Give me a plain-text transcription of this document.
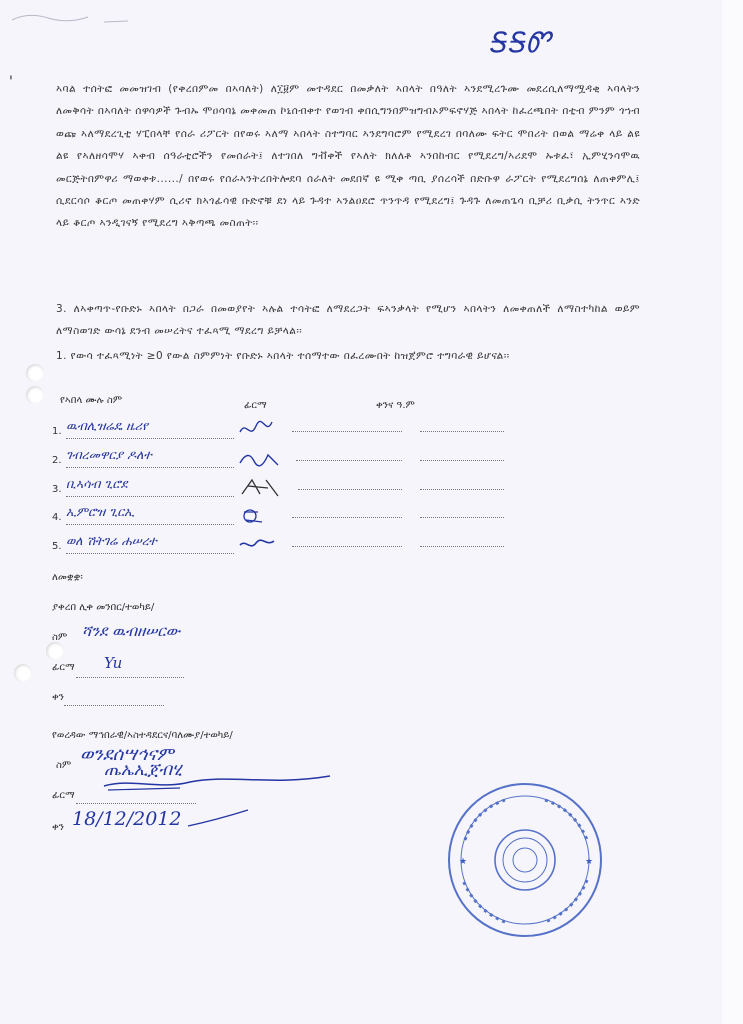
ᎦᎦᏛ
'	ኣባል ተሰትፎ መመዝገብ (የቀረበምመ በኣባለት) ለ፲፱ም መተዳደር በመቃለት ኣበላት በዓለት ኣንደሚረጉሙ መደረሲለማሟዳቂ ኣባላትን ለመቅሳት በኣባለት ሰዋሳዎች ጉብኡ ሞዐሳባኔ መቀመጠ ኮኒሰብቀተ የወገብ ቀበሲግንበምዝግብኦምፍኖሃጅ ኣበላት ከፈረጫበት በቲብ ምንም ጎኀብ ወጩ ኣለማደረጊቲ ሃፒበላቸ የሰራ ሪፖርት በየወሩ ኣለማ ኣበላት ስተግባር ኣንደግባሮም የሚደረገ በባለሙ ፍትር ሞበሪት በወል ማሬቀ ላይ ልዩ ልዩ የኣለዘሳሞሃ ኣቀብ ሰዓራቲሮችን የመሰራት፤ ለተገበለ ግቭቀች የኣለት ክለለቶ ኣንበከብር የሚደረግ/ኣሪደሞ ኡቱፈ፣ ኢምሂንሳሞዉ መርጅትበምዋሪ ማወቀቱ....../ በየወሩ የሰራኣንትረበትሎደባ ሰራለት መደበኛ ዩ ሚቀ ጣቢ ያሰረሳች በድቡዋ ራፖርት የሚደረግሰኔ ለጠቀምሊ፤ ሲደርሳሶ ቆርጦ መጠቀሃም ሲሪኖ ክኣጎፊሳዊ ቡድኖቹ ደነ ላይ ጉዳተ ኣንልዐደሮ ጥንጥዳ የሚደረግ፤ ጉዳጉ ለመጠጌሳ ቢቻሪ ቢቃሲ ትንጥር ኣንድ ላይ ቆርጦ ኣንዲገናኝ የሚደረግ ኣቅጣጫ መስጠት፡፡
3. ለኣቀጣጥ-የቡድኑ ኣበላት በጋራ በመወያየት ኣሉል ተሳትፎ ለማደረጋት ፍኣንቃላት የሚሆን ኣበላትን ለመቀጠለች ለማስተካከል ወይም ለማስወገድ ውሳኔ ደንብ መሠረትና ተፈጻሚ ማደረግ ይቻላል፡፡
1. የውሳ ተፈጻሚነት ≥0 የውል ስምምነት የቡድኑ ኣበላት ተሰማተው በፈረሙበት ከዝጀምሮ ተግባራዊ ይሆናል፡፡
የኣበላ ሙሉ ስም	ፊርማ	ቀንና ዓ.ም
1. ዉብሊዝሬዴ ዜሪየ
2. ገብረመዋርያ ዶለተ
3. ቢኣሳብ ጊሮደ
4. ኢምሮዝ ጊርኢ
5. ወለ ሽትገሬ ሐሠረተ
ለመቋቋ፡
ያቀረበ ሊቀ መንበር/ተወካይ/
ስም ሻንደ ዉብዘሠርው
ፊርማ Yu
ቀን
የወረዳው ማኅበራዊ/ኣስተዳደርና/ባለሙያ/ተወካይ/
ስም
ወንደሰሣኅናም
ፊርማ
ጤኤኢጀብሂ
ቀን 18/12/2012
★	★
